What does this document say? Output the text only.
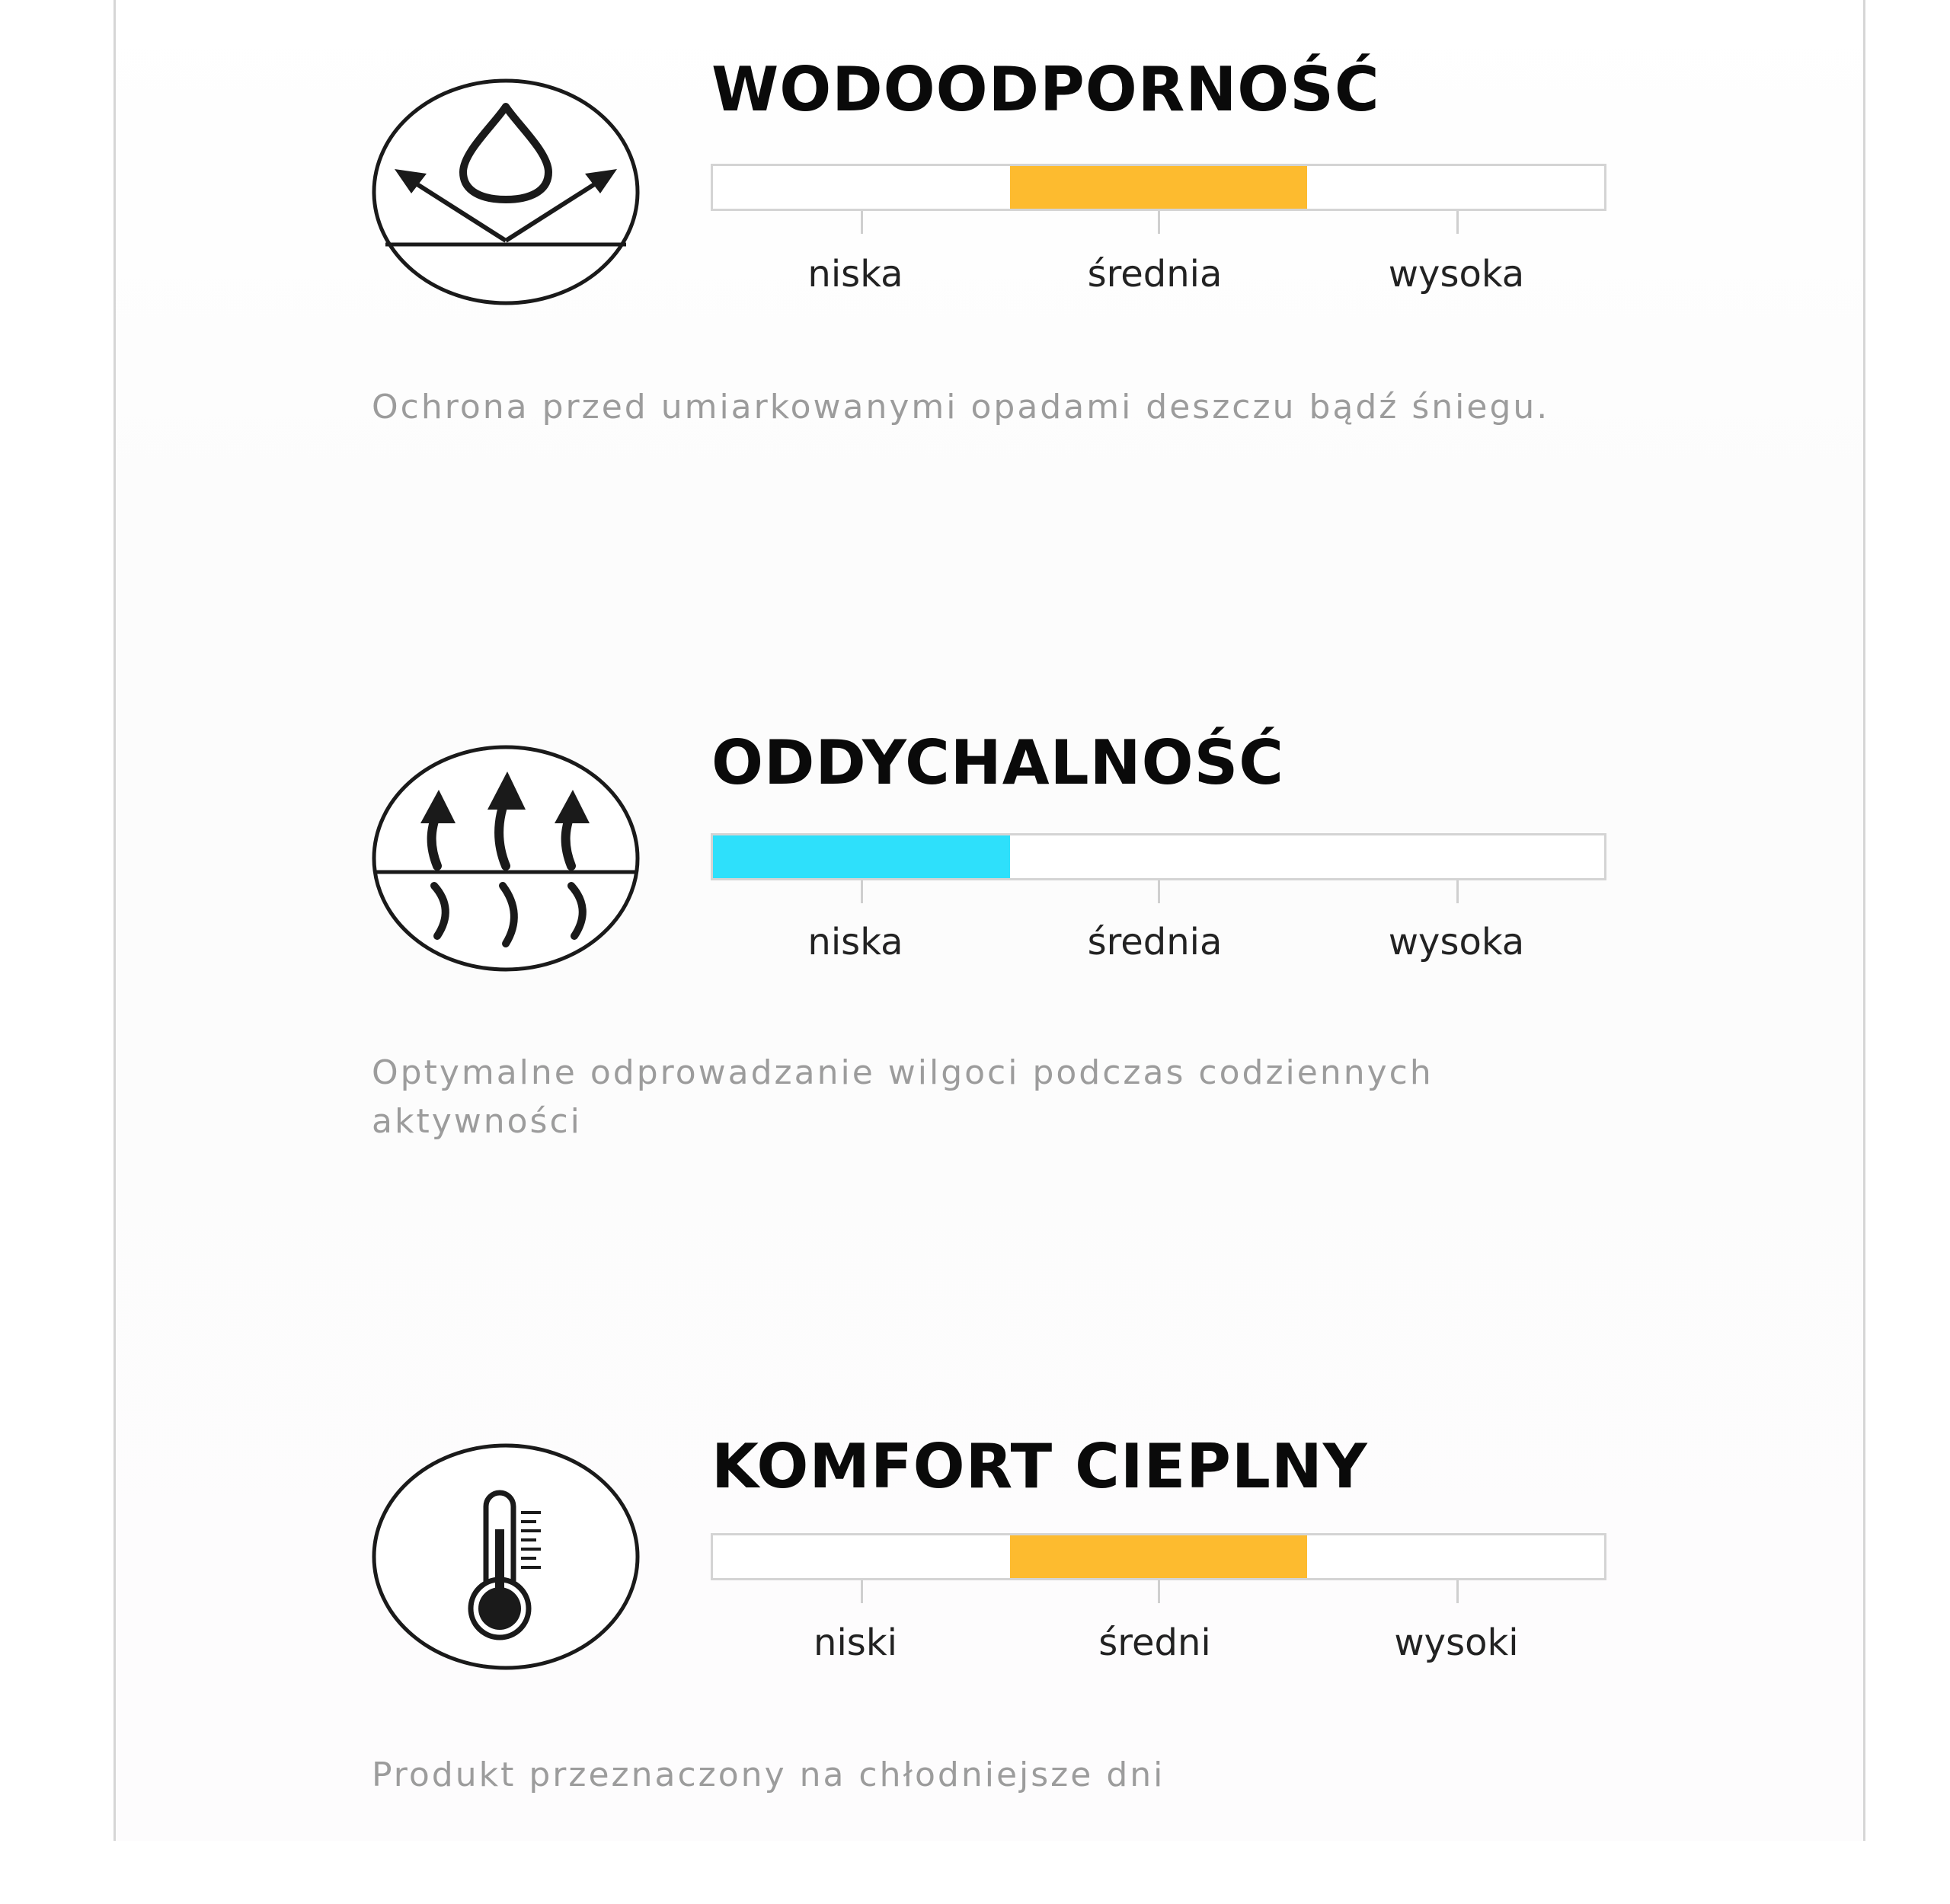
WODOODPORNOŚĆ
niska	średnia	wysoka

Ochrona przed umiarkowanymi opadami deszczu bądź śniegu.

ODDYCHALNOŚĆ
niska	średnia	wysoka

Optymalne odprowadzanie wilgoci podczas codziennych aktywności

KOMFORT CIEPLNY
niski	średni	wysoki

Produkt przeznaczony na chłodniejsze dni
